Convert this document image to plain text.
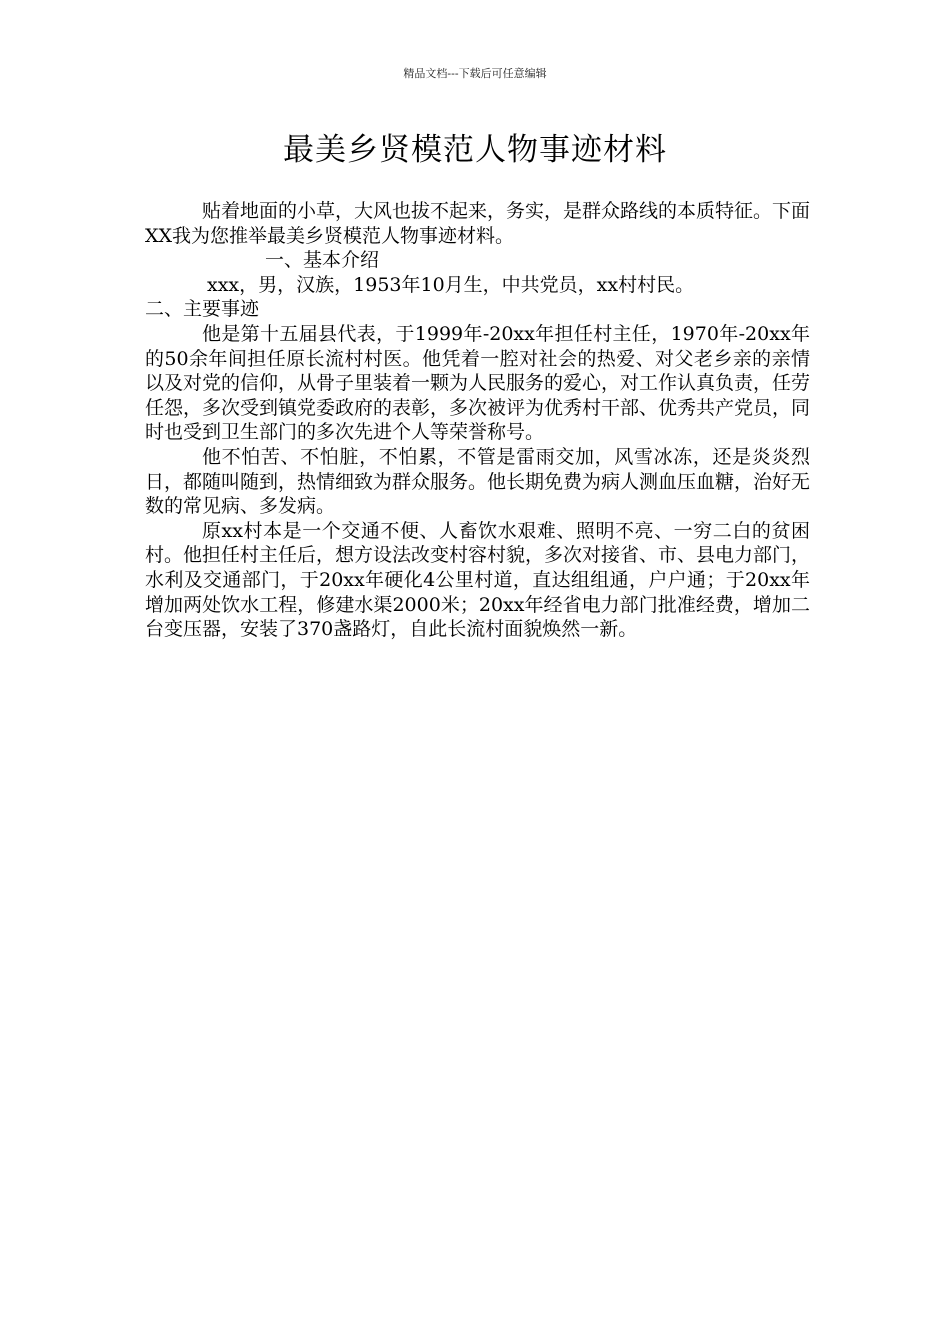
精品文档---下载后可任意编辑
最美乡贤模范人物事迹材料

贴着地面的小草，大风也拔不起来，务实，是群众路线的本质特征。下面XX我为您推举最美乡贤模范人物事迹材料。

一、基本介绍

xxx，男，汉族，1953年10月生，中共党员，xx村村民。

二、主要事迹

他是第十五届县代表，于1999年-20xx年担任村主任，1970年-20xx年的50余年间担任原长流村村医。他凭着一腔对社会的热爱、对父老乡亲的亲情以及对党的信仰，从骨子里装着一颗为人民服务的爱心，对工作认真负责，任劳任怨，多次受到镇党委政府的表彰，多次被评为优秀村干部、优秀共产党员，同时也受到卫生部门的多次先进个人等荣誉称号。

他不怕苦、不怕脏，不怕累，不管是雷雨交加，风雪冰冻，还是炎炎烈日，都随叫随到，热情细致为群众服务。他长期免费为病人测血压血糖，治好无数的常见病、多发病。

原xx村本是一个交通不便、人畜饮水艰难、照明不亮、一穷二白的贫困村。他担任村主任后，想方设法改变村容村貌，多次对接省、市、县电力部门，水利及交通部门，于20xx年硬化4公里村道，直达组组通，户户通；于20xx年增加两处饮水工程，修建水渠2000米；20xx年经省电力部门批准经费，增加二台变压器，安装了370盏路灯，自此长流村面貌焕然一新。
